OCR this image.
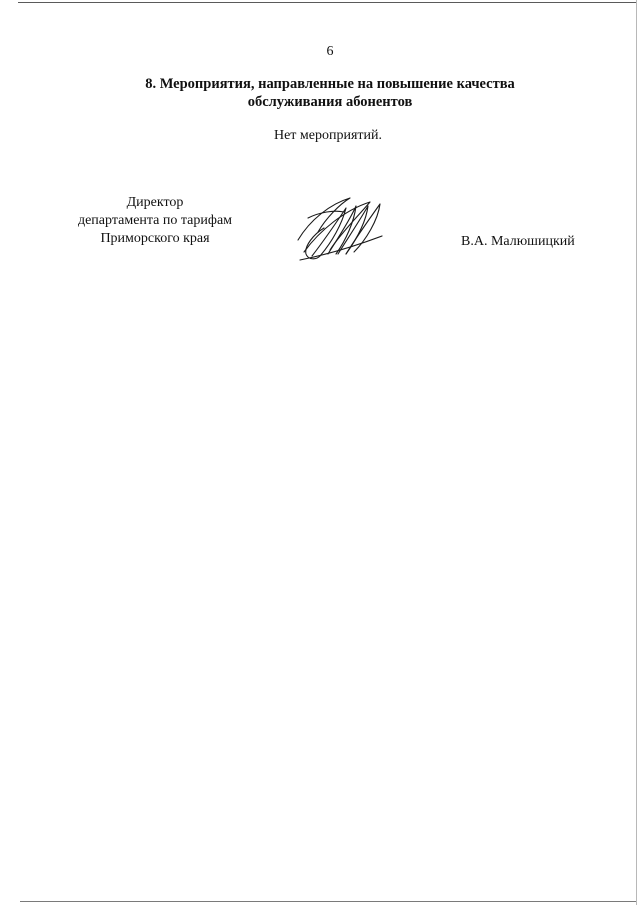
6
8. Мероприятия, направленные на повышение качества
обслуживания абонентов
Нет мероприятий.
Директор
департамента по тарифам
Приморского края	В.А. Малюшицкий
